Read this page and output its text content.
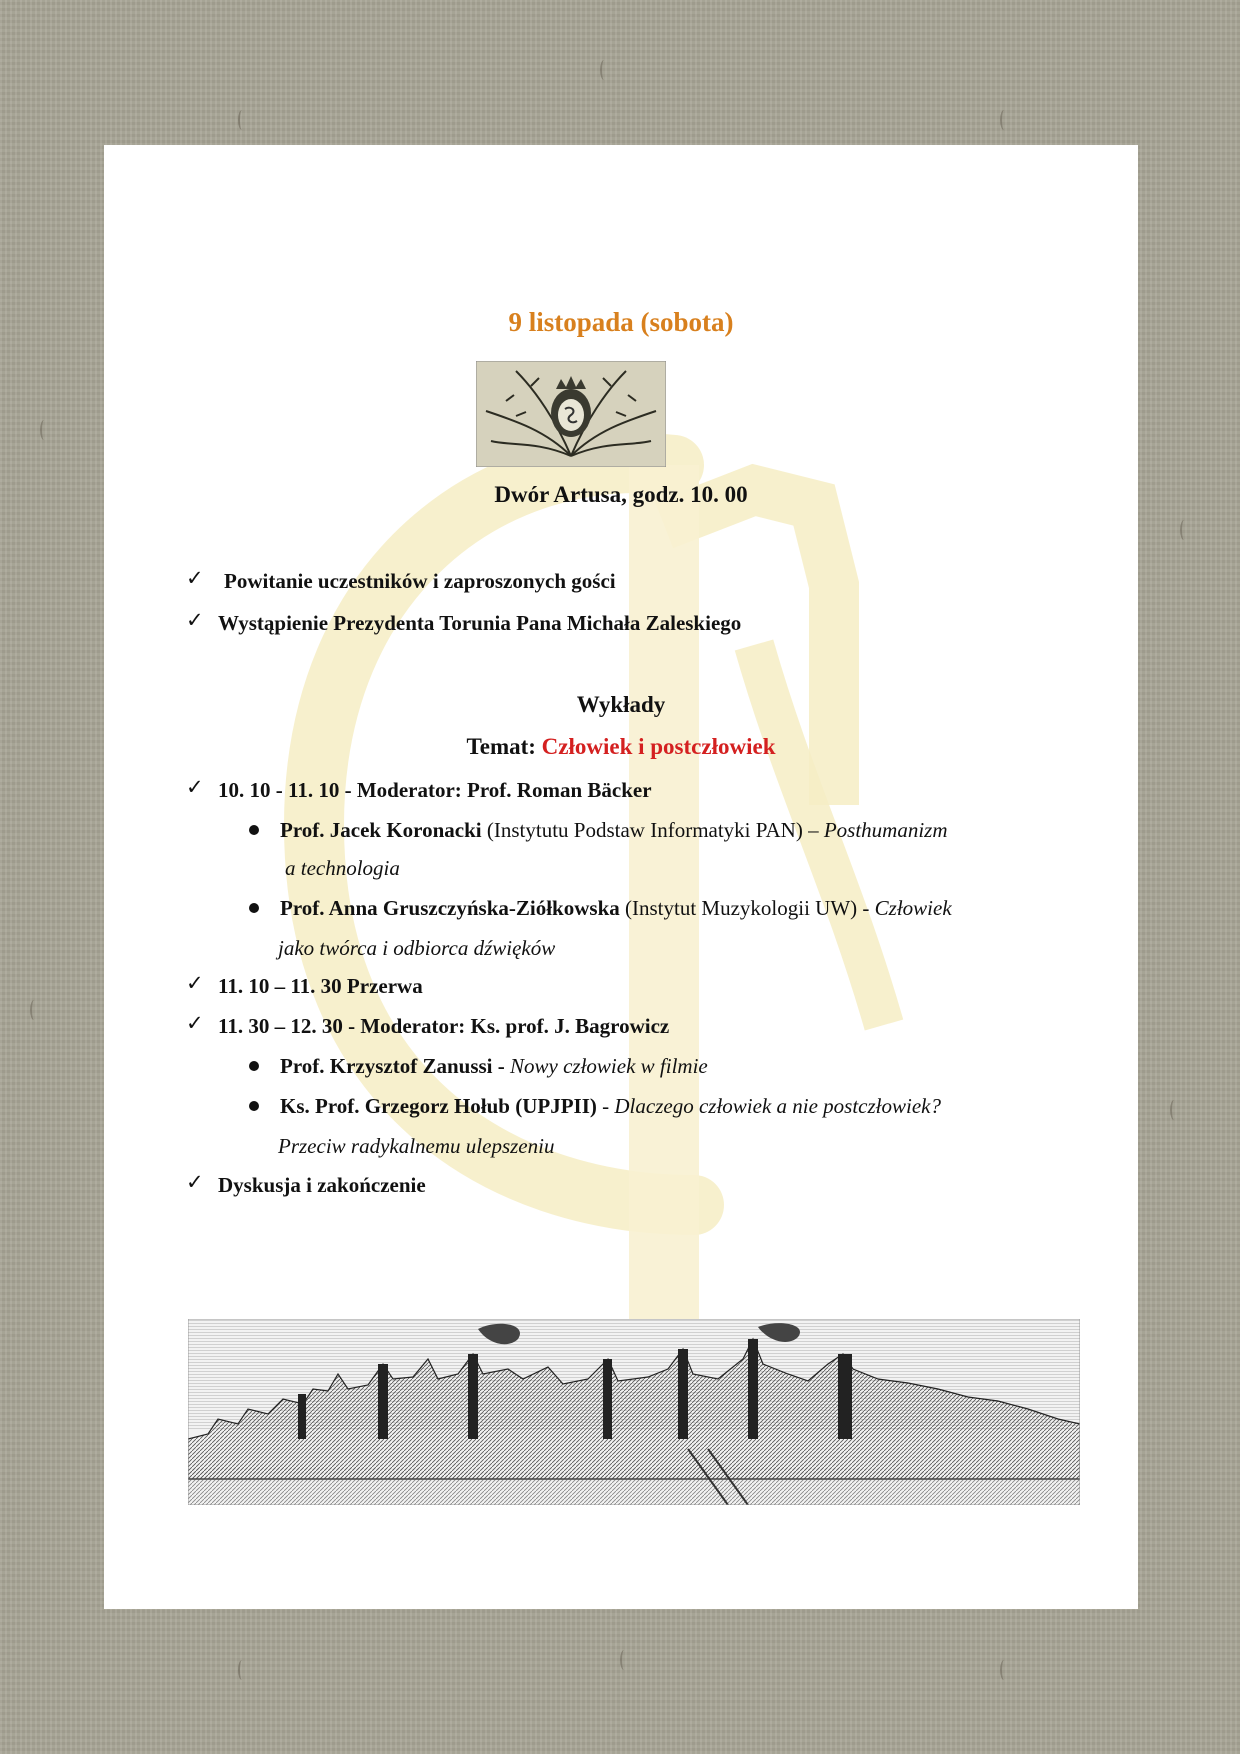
9 listopada (sobota)
Dwór Artusa, godz. 10. 00
✓ Powitanie uczestników i zaproszonych gości
✓ Wystąpienie Prezydenta Torunia Pana Michała Zaleskiego
Wykłady
Temat: Człowiek i postczłowiek
✓ 10. 10 - 11. 10 - Moderator: Prof. Roman Bäcker
Prof. Jacek Koronacki (Instytutu Podstaw Informatyki PAN) – Posthumanizm
a technologia
Prof. Anna Gruszczyńska-Ziółkowska (Instytut Muzykologii UW) - Człowiek
jako twórca i odbiorca dźwięków
✓ 11. 10 – 11. 30 Przerwa
✓ 11. 30 – 12. 30 - Moderator: Ks. prof. J. Bagrowicz
Prof. Krzysztof Zanussi - Nowy człowiek w filmie
Ks. Prof. Grzegorz Hołub (UPJPII) - Dlaczego człowiek a nie postczłowiek?
Przeciw radykalnemu ulepszeniu
✓ Dyskusja i zakończenie
